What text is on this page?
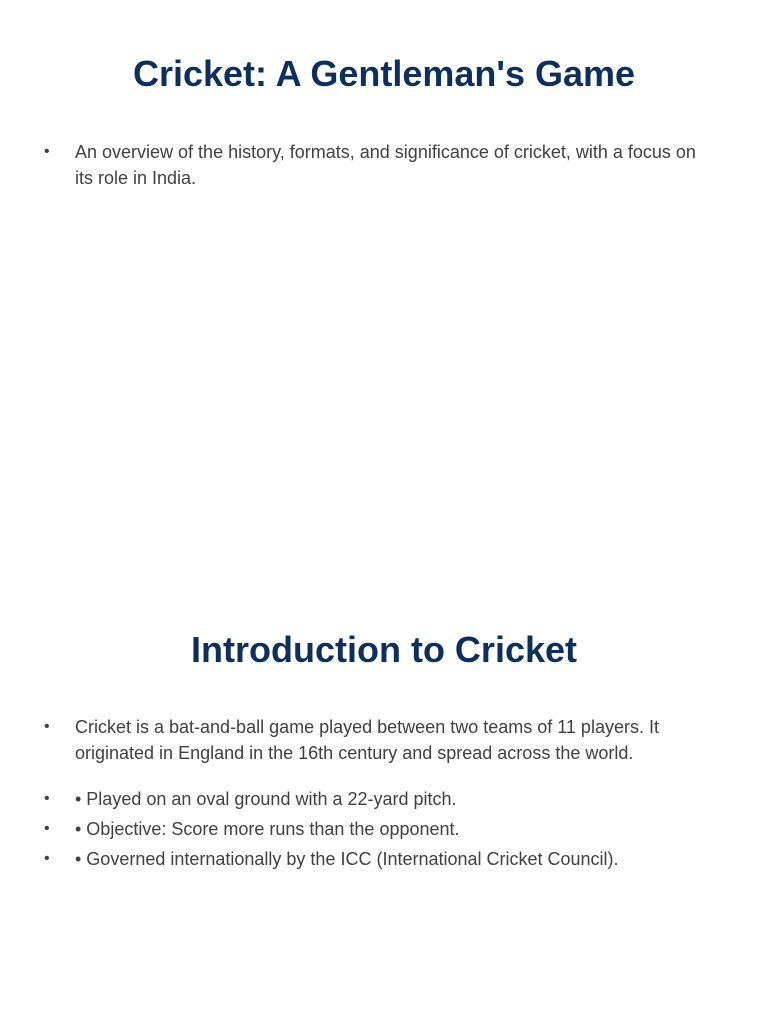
Cricket: A Gentleman's Game
• An overview of the history, formats, and significance of cricket, with a focus on its role in India.
Introduction to Cricket
• Cricket is a bat-and-ball game played between two teams of 11 players. It originated in England in the 16th century and spread across the world.
• • Played on an oval ground with a 22-yard pitch.
• • Objective: Score more runs than the opponent.
• • Governed internationally by the ICC (International Cricket Council).
